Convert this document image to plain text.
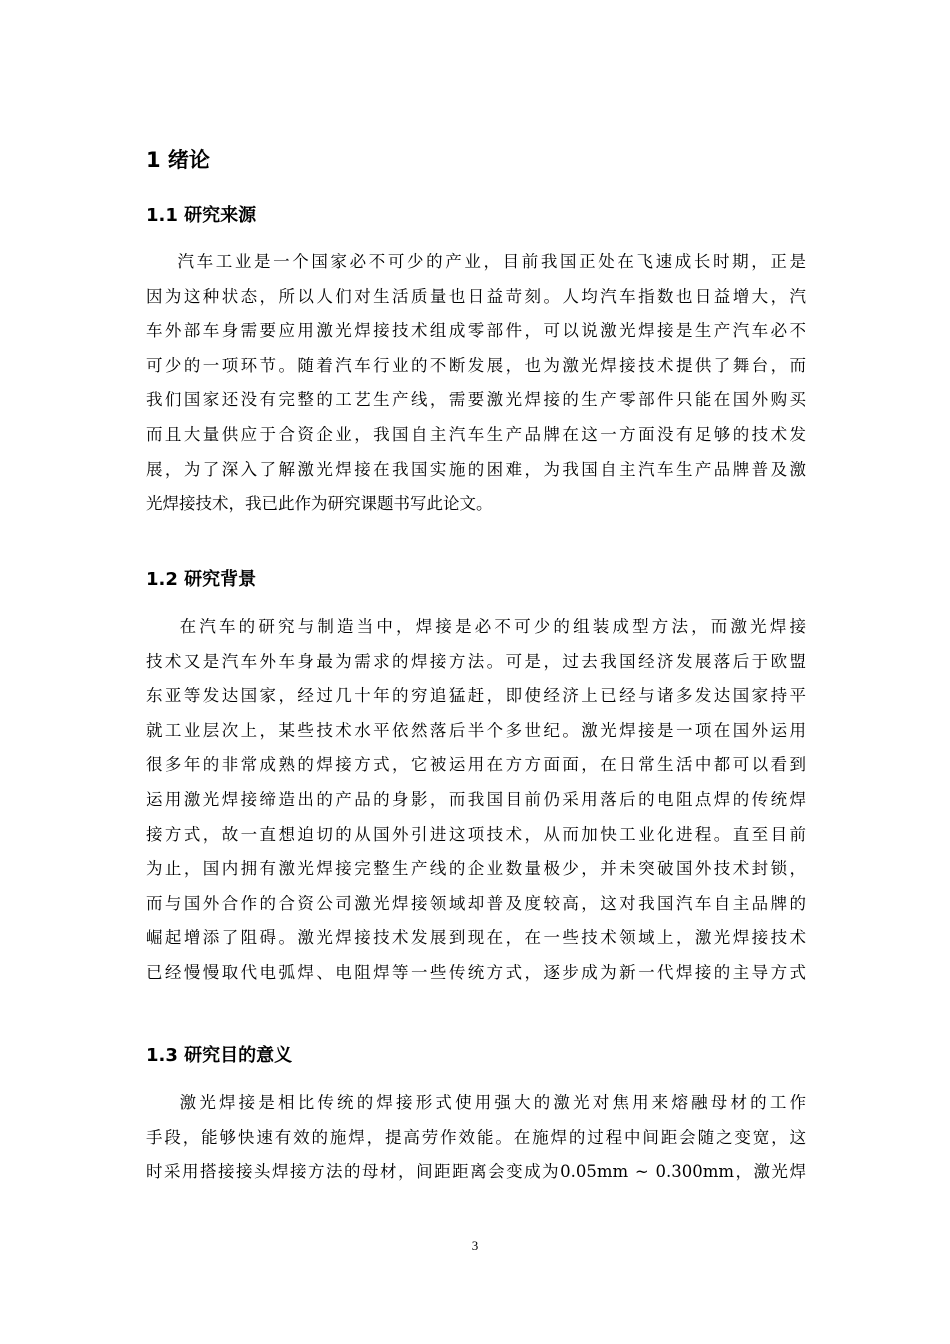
1 绪论
1.1 研究来源
汽车工业是一个国家必不可少的产业，目前我国正处在飞速成长时期，正是
因为这种状态，所以人们对生活质量也日益苛刻。人均汽车指数也日益增大，汽
车外部车身需要应用激光焊接技术组成零部件，可以说激光焊接是生产汽车必不
可少的一项环节。随着汽车行业的不断发展，也为激光焊接技术提供了舞台，而
我们国家还没有完整的工艺生产线，需要激光焊接的生产零部件只能在国外购买
而且大量供应于合资企业，我国自主汽车生产品牌在这一方面没有足够的技术发
展，为了深入了解激光焊接在我国实施的困难，为我国自主汽车生产品牌普及激
光焊接技术，我已此作为研究课题书写此论文。
1.2 研究背景
在汽车的研究与制造当中，焊接是必不可少的组装成型方法，而激光焊接
技术又是汽车外车身最为需求的焊接方法。可是，过去我国经济发展落后于欧盟
东亚等发达国家，经过几十年的穷追猛赶，即使经济上已经与诸多发达国家持平
就工业层次上，某些技术水平依然落后半个多世纪。激光焊接是一项在国外运用
很多年的非常成熟的焊接方式，它被运用在方方面面，在日常生活中都可以看到
运用激光焊接缔造出的产品的身影，而我国目前仍采用落后的电阻点焊的传统焊
接方式，故一直想迫切的从国外引进这项技术，从而加快工业化进程。直至目前
为止，国内拥有激光焊接完整生产线的企业数量极少，并未突破国外技术封锁，
而与国外合作的合资公司激光焊接领域却普及度较高，这对我国汽车自主品牌的
崛起增添了阻碍。激光焊接技术发展到现在，在一些技术领域上，激光焊接技术
已经慢慢取代电弧焊、电阻焊等一些传统方式，逐步成为新一代焊接的主导方式
1.3 研究目的意义
激光焊接是相比传统的焊接形式使用强大的激光对焦用来熔融母材的工作
手段，能够快速有效的施焊，提高劳作效能。在施焊的过程中间距会随之变宽，这
时采用搭接接头焊接方法的母材，间距距离会变成为0.05mm ~ 0.300mm，激光焊
3
